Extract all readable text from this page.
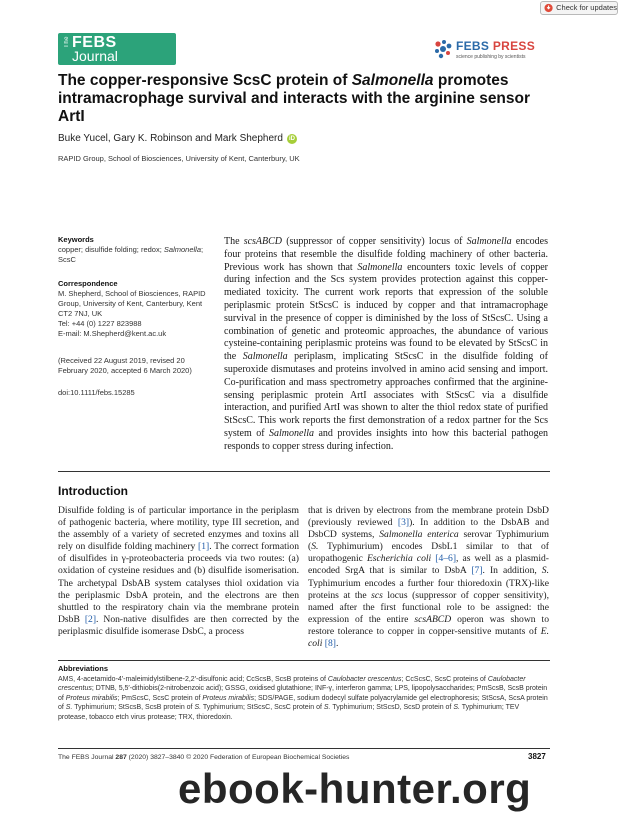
Check for updates
The FEBS
Journal
FEBS PRESS
science publishing by scientists
The copper-responsive ScsC protein of Salmonella promotes intramacrophage survival and interacts with the arginine sensor ArtI
Buke Yucel, Gary K. Robinson and Mark Shepherd	iD
RAPID Group, School of Biosciences, University of Kent, Canterbury, UK
Keywords
copper; disulfide folding; redox; Salmonella;
ScsC
Correspondence
M. Shepherd, School of Biosciences, RAPID
Group, University of Kent, Canterbury, Kent
CT2 7NJ, UK
Tel: +44 (0) 1227 823988
E-mail: M.Shepherd@kent.ac.uk
(Received 22 August 2019, revised 20
February 2020, accepted 6 March 2020)
doi:10.1111/febs.15285
The scsABCD (suppressor of copper sensitivity) locus of Salmonella encodes four proteins that resemble the disulfide folding machinery of other bacteria. Previous work has shown that Salmonella encounters toxic levels of copper during infection and the Scs system provides protection against this copper-mediated toxicity. The current work reports that expression of the soluble periplasmic protein StScsC is induced by copper and that intramacrophage survival in the presence of copper is diminished by the loss of StScsC. Using a combination of genetic and proteomic approaches, the abundance of various cysteine-containing periplasmic proteins was found to be elevated by StScsC in the Salmonella periplasm, implicating StScsC in the disulfide folding of superoxide dismutases and proteins involved in amino acid sensing and import. Co-purification and mass spectrometry approaches confirmed that the arginine-sensing periplasmic protein ArtI associates with StScsC via a disulfide interaction, and purified ArtI was shown to alter the thiol redox state of purified StScsC. This work reports the first demonstration of a redox partner for the Scs system of Salmonella and provides insights into how this bacterial pathogen responds to copper stress during infection.
Introduction
Disulfide folding is of particular importance in the periplasm of pathogenic bacteria, where motility, type III secretion, and the assembly of a variety of secreted enzymes and toxins all rely on disulfide folding machinery [1]. The correct formation of disulfides in γ-proteobacteria proceeds via two routes: (a) oxidation of cysteine residues and (b) disulfide isomerisation. The archetypal DsbAB system catalyses thiol oxidation via the periplasmic DsbA protein, and the electrons are then shuttled to the respiratory chain via the membrane protein DsbB [2]. Non-native disulfides are then corrected by the periplasmic disulfide isomerase DsbC, a process
that is driven by electrons from the membrane protein DsbD (previously reviewed [3]). In addition to the DsbAB and DsbCD systems, Salmonella enterica serovar Typhimurium (S. Typhimurium) encodes DsbL1 similar to that of uropathogenic Escherichia coli [4–6], as well as a plasmid-encoded SrgA that is similar to DsbA [7]. In addition, S. Typhimurium encodes a further four thioredoxin (TRX)-like proteins at the scs locus (suppressor of copper sensitivity), named after the first functional role to be assigned: the expression of the entire scsABCD operon was shown to restore tolerance to copper in copper-sensitive mutants of E. coli [8].
Abbreviations
AMS, 4-acetamido-4′-maleimidylstilbene-2,2′-disulfonic acid; CcScsB, ScsB proteins of Caulobacter crescentus; CcScsC, ScsC proteins of Caulobacter crescentus; DTNB, 5,5′-dithiobis(2-nitrobenzoic acid); GSSG, oxidised glutathione; INF-γ, interferon gamma; LPS, lipopolysaccharides; PmScsB, ScsB protein of Proteus mirabilis; PmScsC, ScsC protein of Proteus mirabilis; SDS/PAGE, sodium dodecyl sulfate polyacrylamide gel electrophoresis; StScsA, ScsA protein of S. Typhimurium; StScsB, ScsB protein of S. Typhimurium; StScsC, ScsC protein of S. Typhimurium; StScsD, ScsD protein of S. Typhimurium; TEV protease, tobacco etch virus protease; TRX, thioredoxin.
The FEBS Journal 287 (2020) 3827–3840 © 2020 Federation of European Biochemical Societies	3827
ebook-hunter.org
